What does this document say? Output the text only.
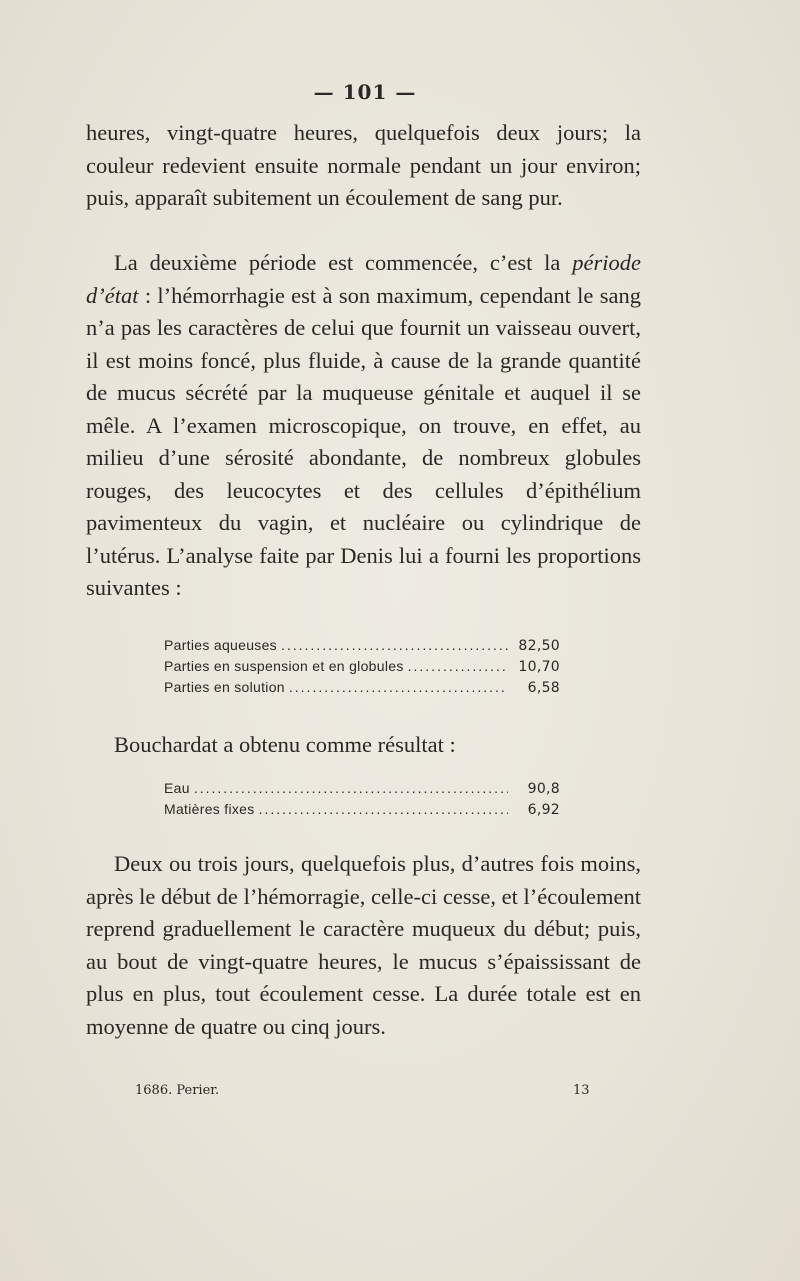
— 101 —

heures, vingt-quatre heures, quelquefois deux jours; la couleur redevient ensuite normale pendant un jour environ; puis, apparaît subitement un écoulement de sang pur.

La deuxième période est commencée, c’est la période d’état : l’hémorrhagie est à son maximum, cependant le sang n’a pas les caractères de celui que fournit un vaisseau ouvert, il est moins foncé, plus fluide, à cause de la grande quantité de mucus sécrété par la muqueuse génitale et auquel il se mêle. A l’examen microscopique, on trouve, en effet, au milieu d’une sérosité abondante, de nombreux globules rouges, des leucocytes et des cellules d’épithélium pavimenteux du vagin, et nucléaire ou cylindrique de l’utérus. L’analyse faite par Denis lui a fourni les proportions suivantes :

Parties aqueuses .....	82,50
Parties en suspension et en globules .....	10,70
Parties en solution .....	6,58

Bouchardat a obtenu comme résultat :

Eau .....	90,8
Matières fixes .....	6,92

Deux ou trois jours, quelquefois plus, d’autres fois moins, après le début de l’hémorragie, celle-ci cesse, et l’écoulement reprend graduellement le caractère muqueux du début; puis, au bout de vingt-quatre heures, le mucus s’épaississant de plus en plus, tout écoulement cesse. La durée totale est en moyenne de quatre ou cinq jours.

1686. Perier.	13
